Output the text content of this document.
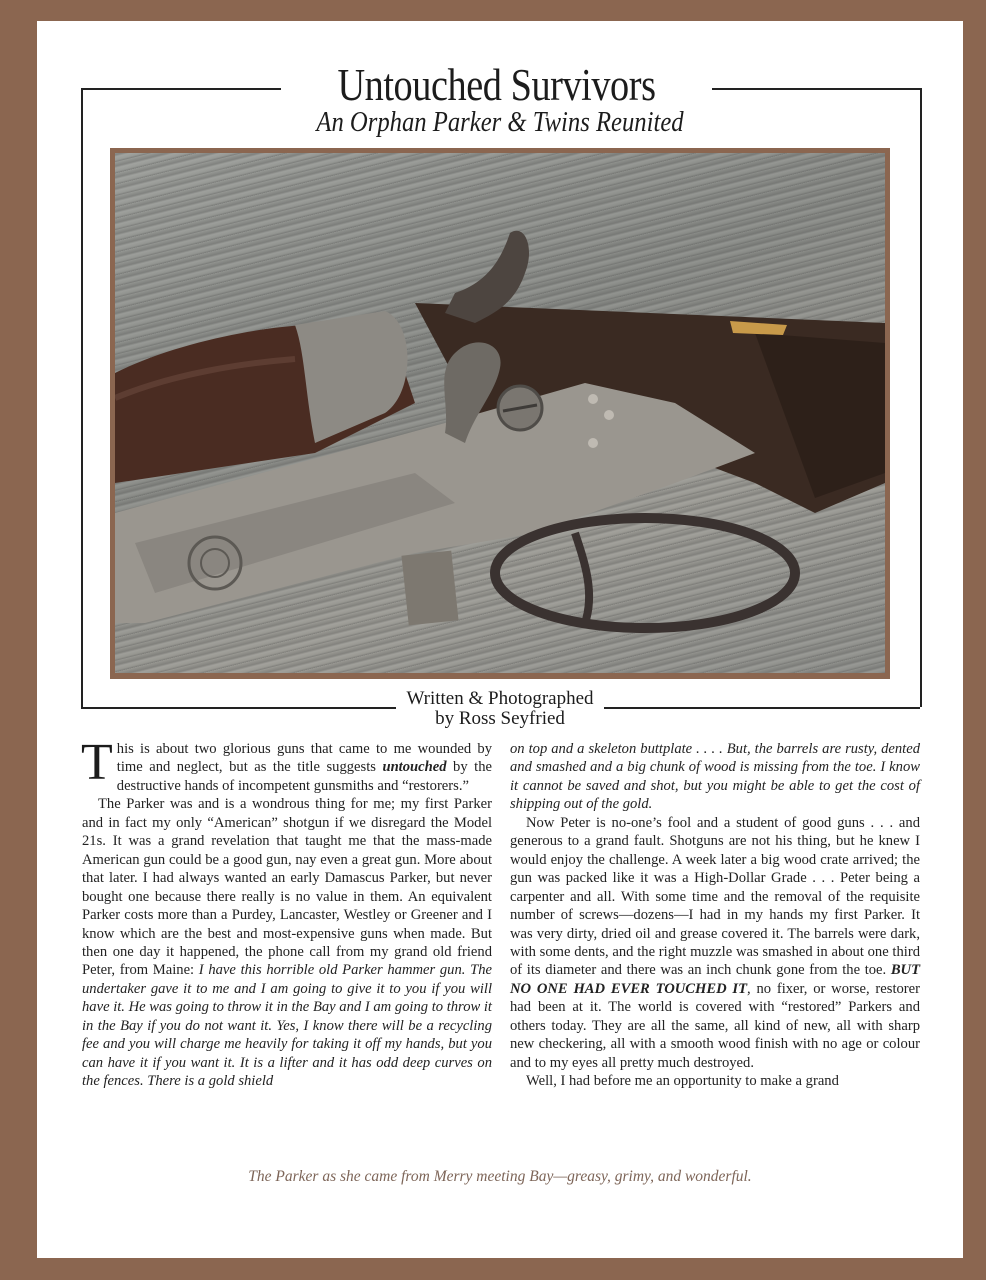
Untouched Survivors
An Orphan Parker & Twins Reunited
Written & Photographed
by Ross Seyfried

This is about two glorious guns that came to me wounded by time and neglect, but as the title suggests untouched by the destructive hands of incompetent gunsmiths and “restorers.”

The Parker was and is a wondrous thing for me; my first Parker and in fact my only “American” shotgun if we disregard the Model 21s. It was a grand revelation that taught me that the mass-made American gun could be a good gun, nay even a great gun. More about that later. I had always wanted an early Damascus Parker, but never bought one because there really is no value in them. An equivalent Parker costs more than a Purdey, Lancaster, Westley or Greener and I know which are the best and most-expensive guns when made. But then one day it happened, the phone call from my grand old friend Peter, from Maine: I have this horrible old Parker hammer gun. The undertaker gave it to me and I am going to give it to you if you will have it. He was going to throw it in the Bay and I am going to throw it in the Bay if you do not want it. Yes, I know there will be a recycling fee and you will charge me heavily for taking it off my hands, but you can have it if you want it. It is a lifter and it has odd deep curves on the fences. There is a gold shield

on top and a skeleton buttplate . . . . But, the barrels are rusty, dented and smashed and a big chunk of wood is missing from the toe. I know it cannot be saved and shot, but you might be able to get the cost of shipping out of the gold.

Now Peter is no-one’s fool and a student of good guns . . . and generous to a grand fault. Shotguns are not his thing, but he knew I would enjoy the challenge. A week later a big wood crate arrived; the gun was packed like it was a High-Dollar Grade . . . Peter being a carpenter and all. With some time and the removal of the requisite number of screws—dozens—I had in my hands my first Parker. It was very dirty, dried oil and grease covered it. The barrels were dark, with some dents, and the right muzzle was smashed in about one third of its diameter and there was an inch chunk gone from the toe. BUT NO ONE HAD EVER TOUCHED IT, no fixer, or worse, restorer had been at it. The world is covered with “restored” Parkers and others today. They are all the same, all kind of new, all with sharp new checkering, all with a smooth wood finish with no age or colour and to my eyes all pretty much destroyed.

Well, I had before me an opportunity to make a grand

The Parker as she came from Merry meeting Bay—greasy, grimy, and wonderful.
